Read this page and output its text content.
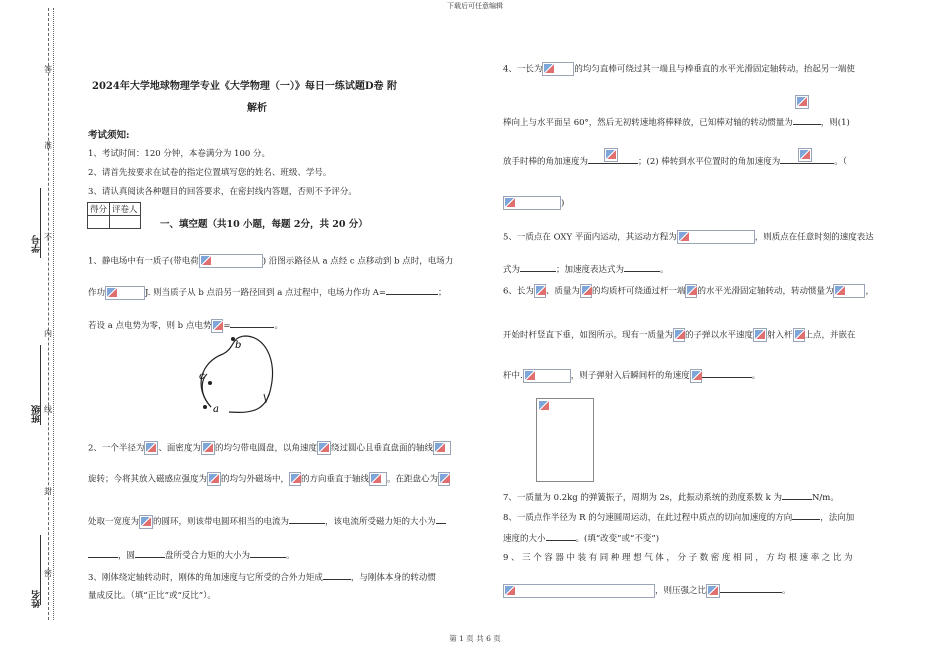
下载后可任意编辑
第 1 页 共 6 页
答
准
不
内
线
封
密
学号
班级
姓名
2024年大学地球物理学专业《大学物理（一）》每日一练试题D卷 附
解析
考试须知:
1、考试时间：120 分钟，本卷满分为 100 分。
2、请首先按要求在试卷的指定位置填写您的姓名、班级、学号。
3、请认真阅读各种题目的回答要求，在密封线内答题，否则不予评分。
得分	评卷人

一、填空题（共10 小题，每题 2分，共 20 分）
1、静电场中有一质子(带电荷	) 沿图示路径从 a 点经 c 点移动到 b 点时，电场力
作功	J. 则当质子从 b 点沿另一路径回到 a 点过程中，电场力作功 A=	；
若设 a 点电势为零，则 b 点电势 =	。
c
b
a
2、一个半径为 、面密度为 的均匀带电圆盘，以角速度 绕过圆心且垂直盘面的轴线
旋转；今将其放入磁感应强度为 的均匀外磁场中， 的方向垂直于轴线 。在距盘心为
处取一宽度为 的圆环，则该带电圆环相当的电流为	，该电流所受磁力矩的大小为
，圆	盘所受合力矩的大小为	。
3、刚体绕定轴转动时，刚体的角加速度与它所受的合外力矩成	，与刚体本身的转动惯
量成反比。（填“正比”或“反比”）。
4、一长为	的均匀直棒可绕过其一端且与棒垂直的水平光滑固定轴转动。抬起另一端使
棒向上与水平面呈 60°，然后无初转速地将棒释放，已知棒对轴的转动惯量为	，则(1)
放手时棒的角加速度为	；(2) 棒转到水平位置时的角加速度为	。（
)
5、一质点在 OXY 平面内运动，其运动方程为	，则质点在任意时刻的速度表达
式为	；加速度表达式为	。
6、长为 、质量为 的均质杆可绕通过杆一端 的水平光滑固定轴转动，转动惯量为	，
开始时杆竖直下垂，如图所示。现有一质量为 的子弹以水平速度 射入杆 上点，并嵌在
杆中.	，则子弹射入后瞬间杆的角速度	。
7、一质量为 0.2kg 的弹簧振子，周期为 2s，此振动系统的劲度系数 k 为	N/m。
8、一质点作半径为 R 的匀速圆周运动，在此过程中质点的切向加速度的方向	，法向加
速度的大小	。(填“改变”或“不变”)
9、三个容器中装有同种理想气体，分子数密度相同，方均根速率之比为
，则压强之比	。
